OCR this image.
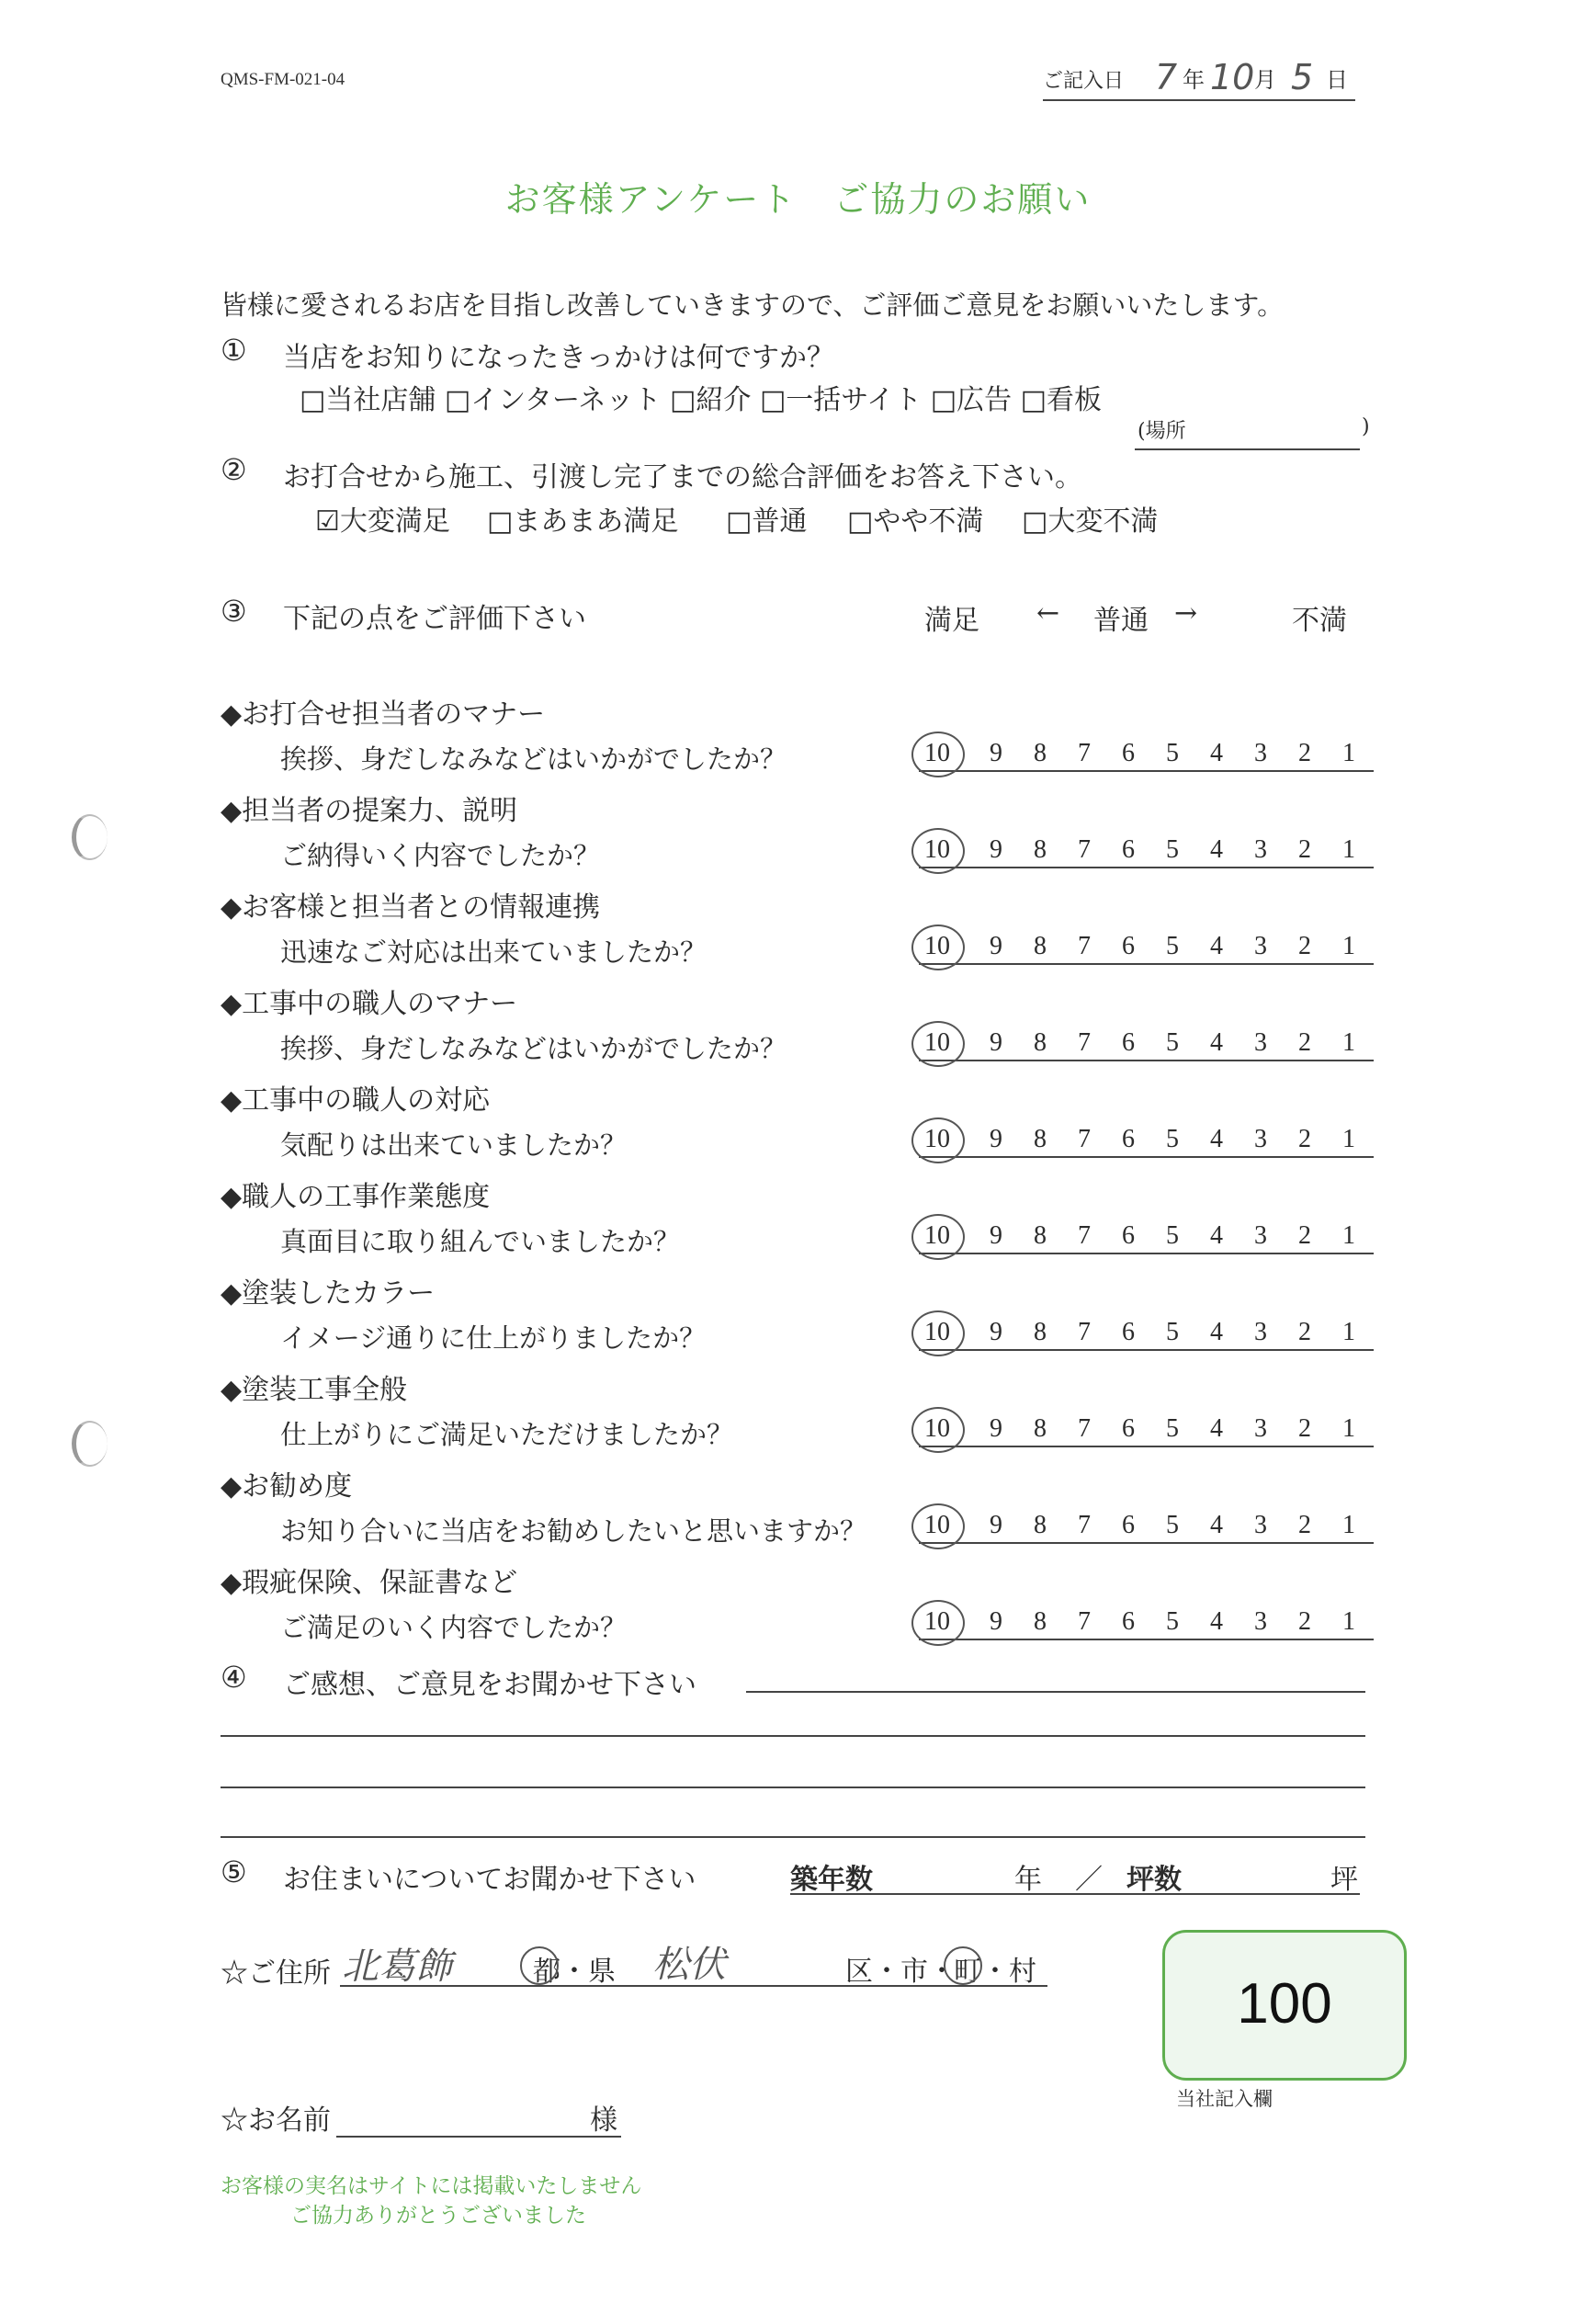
QMS-FM-021-04	ご記入日 7 年 10 月 5 日
お客様アンケート　ご協力のお願い
皆様に愛されるお店を目指し改善していきますので、ご評価ご意見をお願いいたします。
① 当店をお知りになったきっかけは何ですか？
□当社店舗 □インターネット □紹介 □一括サイト □広告 □看板
(場所	)
② お打合せから施工、引渡し完了までの総合評価をお答え下さい。
☑大変満足 □まあまあ満足 □普通 □やや不満 □大変不満
③ 下記の点をご評価下さい	満足 ← 普通 →	不満
◆お打合せ担当者のマナー
挨拶、身だしなみなどはいかがでしたか？	10 9 8 7 6 5 4 3 2 1
◆担当者の提案力、説明
ご納得いく内容でしたか？	10 9 8 7 6 5 4 3 2 1
◆お客様と担当者との情報連携
迅速なご対応は出来ていましたか？	10 9 8 7 6 5 4 3 2 1
◆工事中の職人のマナー
挨拶、身だしなみなどはいかがでしたか？	10 9 8 7 6 5 4 3 2 1
◆工事中の職人の対応
気配りは出来ていましたか？	10 9 8 7 6 5 4 3 2 1
◆職人の工事作業態度
真面目に取り組んでいましたか？	10 9 8 7 6 5 4 3 2 1
◆塗装したカラー
イメージ通りに仕上がりましたか？	10 9 8 7 6 5 4 3 2 1
◆塗装工事全般
仕上がりにご満足いただけましたか？	10 9 8 7 6 5 4 3 2 1
◆お勧め度
お知り合いに当店をお勧めしたいと思いますか？ 10 9 8 7 6 5 4 3 2 1
◆瑕疵保険、保証書など
ご満足のいく内容でしたか？	10 9 8 7 6 5 4 3 2 1
④ ご感想、ご意見をお聞かせ下さい
⑤ お住まいについてお聞かせ下さい	築年数	年 ／ 坪数	坪
☆ご住所 北葛飾	都 ・県 松伏	区・市・
町 ・村
100
当社記入欄
☆お名前	様
お客様の実名はサイトには掲載いたしません
ご協力ありがとうございました
